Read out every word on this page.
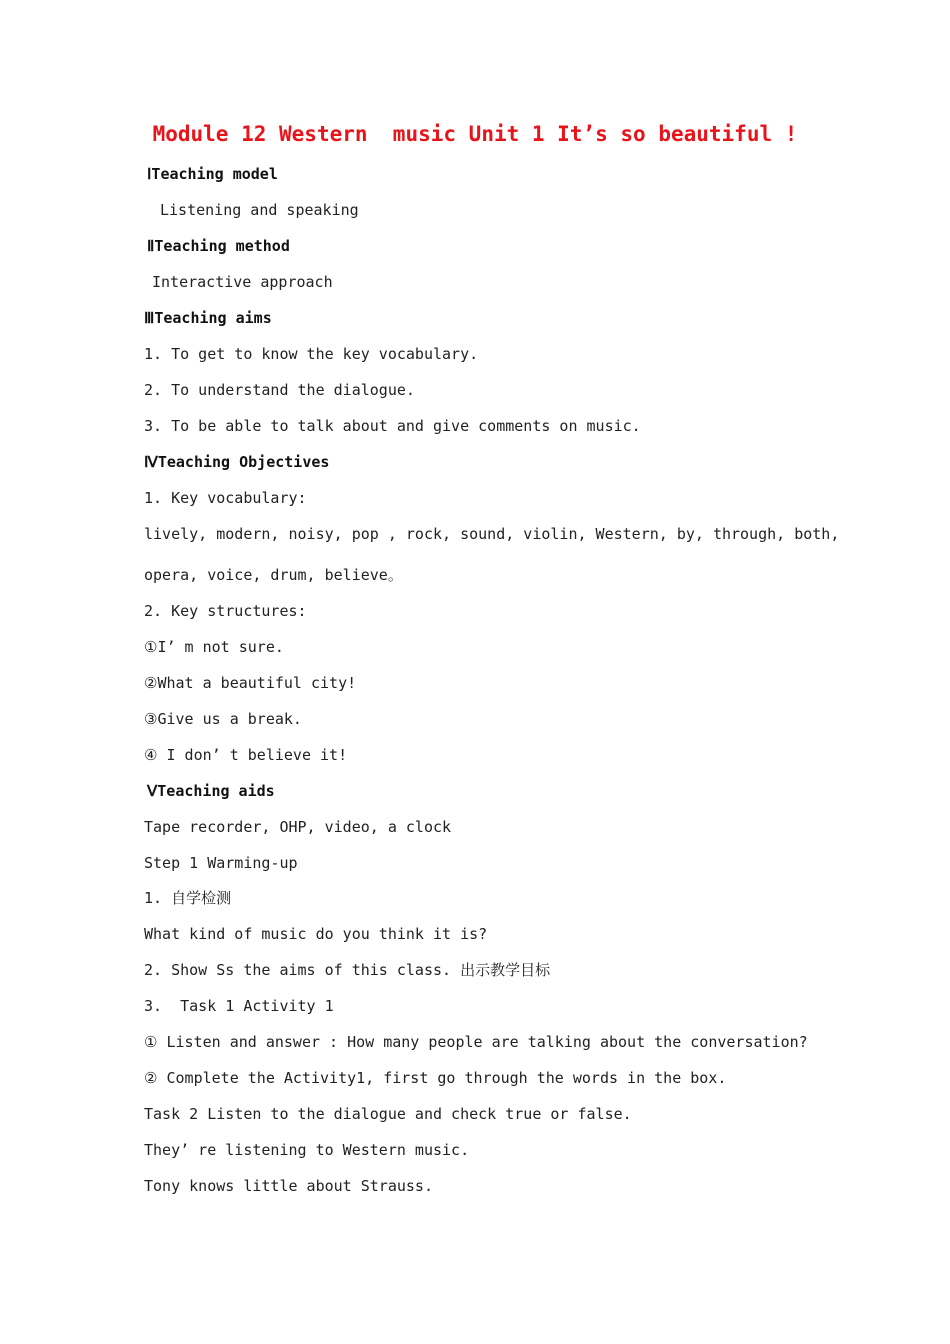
Module 12 Western  music Unit 1 It’s so beautiful !
ⅠTeaching model
Listening and speaking
ⅡTeaching method
Interactive approach
ⅢTeaching aims
1. To get to know the key vocabulary.
2. To understand the dialogue.
3. To be able to talk about and give comments on music.
ⅣTeaching Objectives
1. Key vocabulary:
lively, modern, noisy, pop , rock, sound, violin, Western, by, through, both,
opera, voice, drum, believe。
2. Key structures:
①I’ m not sure.
②What a beautiful city!
③Give us a break.
④ I don’ t believe it!
ⅤTeaching aids
Tape recorder, OHP, video, a clock
Step 1 Warming-up
1. 自学检测
What kind of music do you think it is?
2. Show Ss the aims of this class. 出示教学目标
3.  Task 1 Activity 1
① Listen and answer : How many people are talking about the conversation?
② Complete the Activity1, first go through the words in the box.
Task 2 Listen to the dialogue and check true or false.
They’ re listening to Western music.
Tony knows little about Strauss.
